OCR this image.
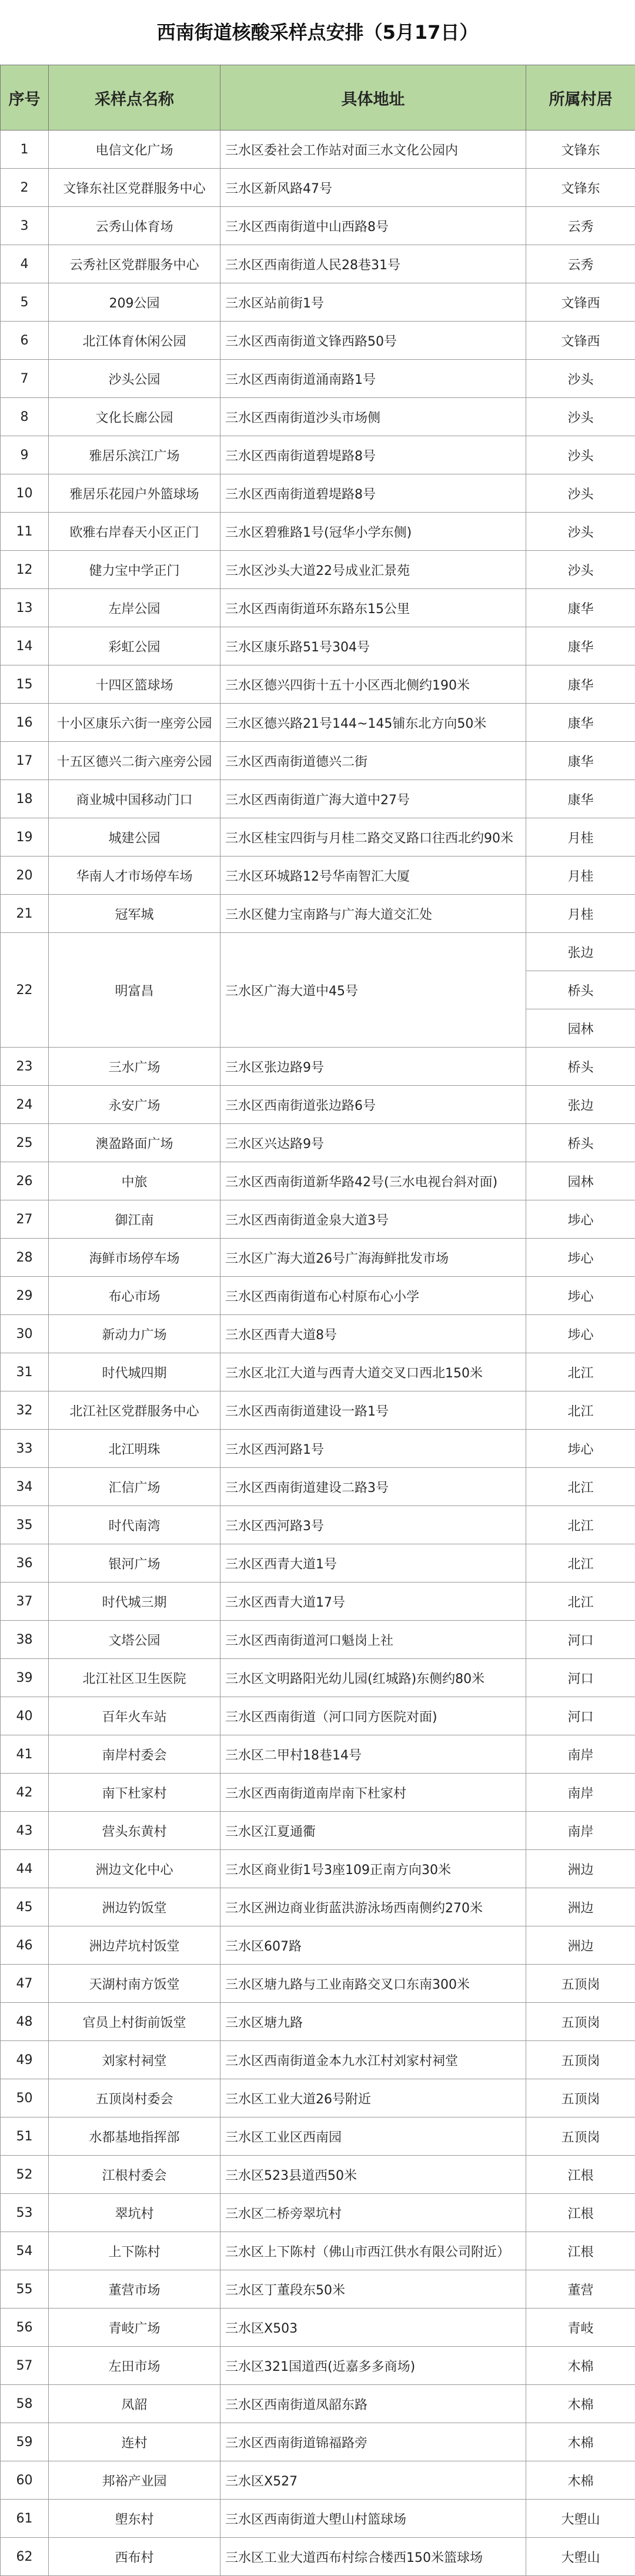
西南街道核酸采样点安排（5月17日）
序号	采样点名称	具体地址	所属村居
1	电信文化广场	三水区委社会工作站对面三水文化公园内	文锋东
2	文锋东社区党群服务中心	三水区新风路47号	文锋东
3	云秀山体育场	三水区西南街道中山西路8号	云秀
4	云秀社区党群服务中心	三水区西南街道人民28巷31号	云秀
5	209公园	三水区站前街1号	文锋西
6	北江体育休闲公园	三水区西南街道文锋西路50号	文锋西
7	沙头公园	三水区西南街道涌南路1号	沙头
8	文化长廊公园	三水区西南街道沙头市场侧	沙头
9	雅居乐滨江广场	三水区西南街道碧堤路8号	沙头
10	雅居乐花园户外篮球场	三水区西南街道碧堤路8号	沙头
11	欧雅右岸春天小区正门	三水区碧雅路1号(冠华小学东侧)	沙头
12	健力宝中学正门	三水区沙头大道22号成业汇景苑	沙头
13	左岸公园	三水区西南街道环东路东15公里	康华
14	彩虹公园	三水区康乐路51号304号	康华
15	十四区篮球场	三水区德兴四街十五十小区西北侧约190米	康华
16	十小区康乐六街一座旁公园	三水区德兴路21号144~145铺东北方向50米	康华
17	十五区德兴二街六座旁公园	三水区西南街道德兴二街	康华
18	商业城中国移动门口	三水区西南街道广海大道中27号	康华
19	城建公园	三水区桂宝四街与月桂二路交叉路口往西北约90米	月桂
20	华南人才市场停车场	三水区环城路12号华南智汇大厦	月桂
21	冠军城	三水区健力宝南路与广海大道交汇处	月桂
22	明富昌	三水区广海大道中45号	张边
			桥头
			园林
23	三水广场	三水区张边路9号	桥头
24	永安广场	三水区西南街道张边路6号	张边
25	澳盈路面广场	三水区兴达路9号	桥头
26	中旅	三水区西南街道新华路42号(三水电视台斜对面)	园林
27	御江南	三水区西南街道金泉大道3号	埗心
28	海鲜市场停车场	三水区广海大道26号广海海鲜批发市场	埗心
29	布心市场	三水区西南街道布心村原布心小学	埗心
30	新动力广场	三水区西青大道8号	埗心
31	时代城四期	三水区北江大道与西青大道交叉口西北150米	北江
32	北江社区党群服务中心	三水区西南街道建设一路1号	北江
33	北江明珠	三水区西河路1号	埗心
34	汇信广场	三水区西南街道建设二路3号	北江
35	时代南湾	三水区西河路3号	北江
36	银河广场	三水区西青大道1号	北江
37	时代城三期	三水区西青大道17号	北江
38	文塔公园	三水区西南街道河口魁岗上社	河口
39	北江社区卫生医院	三水区文明路阳光幼儿园(红城路)东侧约80米	河口
40	百年火车站	三水区西南街道（河口同方医院对面)	河口
41	南岸村委会	三水区二甲村18巷14号	南岸
42	南下杜家村	三水区西南街道南岸南下杜家村	南岸
43	营头东黄村	三水区江夏通衢	南岸
44	洲边文化中心	三水区商业街1号3座109正南方向30米	洲边
45	洲边钓饭堂	三水区洲边商业街蓝洪游泳场西南侧约270米	洲边
46	洲边芹坑村饭堂	三水区607路	洲边
47	天湖村南方饭堂	三水区塘九路与工业南路交叉口东南300米	五顶岗
48	官员上村街前饭堂	三水区塘九路	五顶岗
49	刘家村祠堂	三水区西南街道金本九水江村刘家村祠堂	五顶岗
50	五顶岗村委会	三水区工业大道26号附近	五顶岗
51	水都基地指挥部	三水区工业区西南园	五顶岗
52	江根村委会	三水区523县道西50米	江根
53	翠坑村	三水区二桥旁翠坑村	江根
54	上下陈村	三水区上下陈村（佛山市西江供水有限公司附近）	江根
55	董营市场	三水区丁董段东50米	董营
56	青岐广场	三水区X503	青岐
57	左田市场	三水区321国道西(近嘉多多商场)	木棉
58	凤韶	三水区西南街道凤韶东路	木棉
59	连村	三水区西南街道锦福路旁	木棉
60	邦裕产业园	三水区X527	木棉
61	塱东村	三水区西南街道大塱山村篮球场	大塱山
62	西布村	三水区工业大道西布村综合楼西150米篮球场	大塱山
